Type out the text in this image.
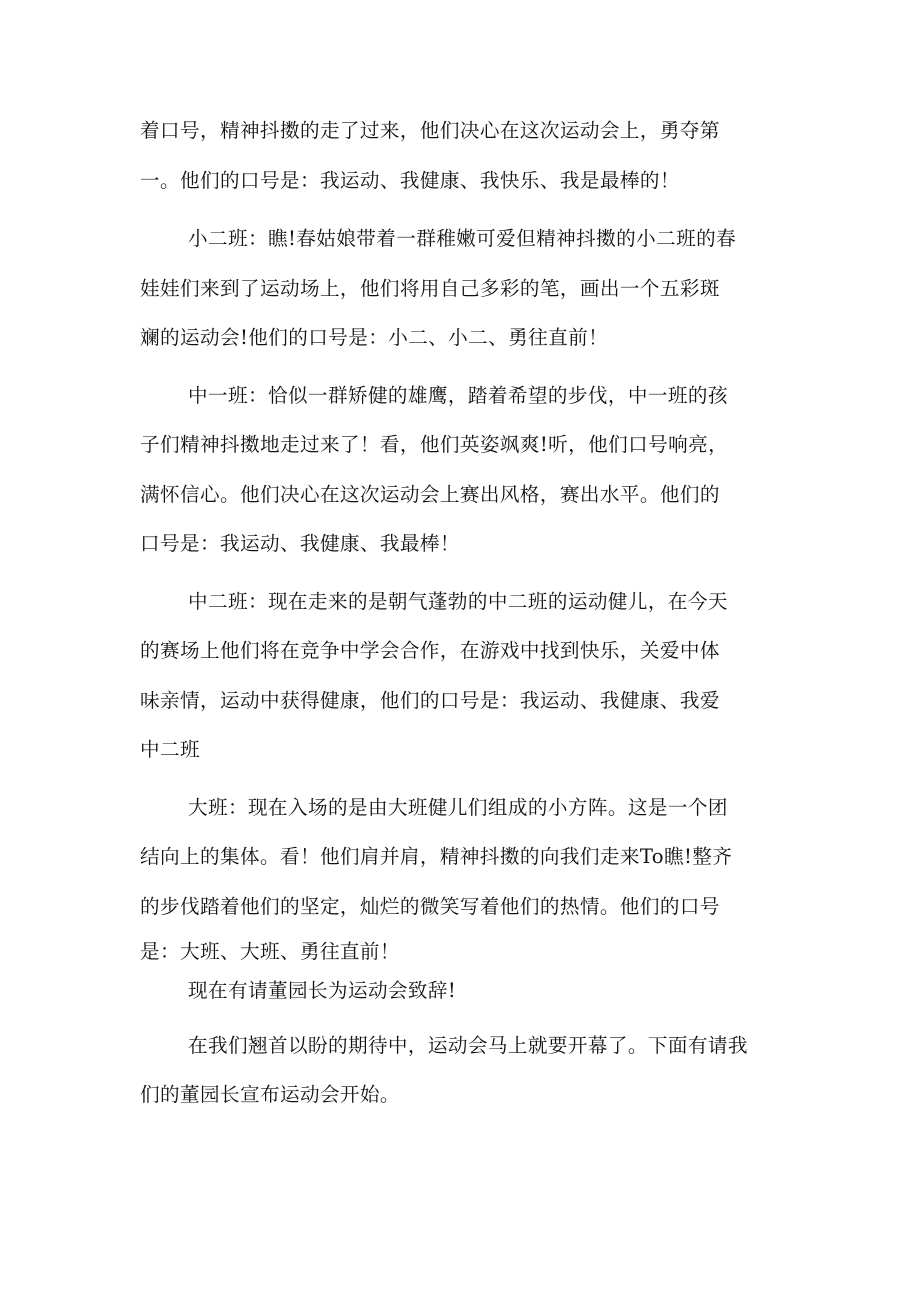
着口号，精神抖擞的走了过来，他们决心在这次运动会上，勇夺第
一。他们的口号是：我运动、我健康、我快乐、我是最棒的！
小二班：瞧!春姑娘带着一群稚嫩可爱但精神抖擞的小二班的春
娃娃们来到了运动场上，他们将用自己多彩的笔，画出一个五彩斑
斓的运动会!他们的口号是：小二、小二、勇往直前！
中一班：恰似一群矫健的雄鹰，踏着希望的步伐，中一班的孩
子们精神抖擞地走过来了！看，他们英姿飒爽!听，他们口号响亮，
满怀信心。他们决心在这次运动会上赛出风格，赛出水平。他们的
口号是：我运动、我健康、我最棒！
中二班：现在走来的是朝气蓬勃的中二班的运动健儿，在今天
的赛场上他们将在竞争中学会合作，在游戏中找到快乐，关爱中体
味亲情，运动中获得健康，他们的口号是：我运动、我健康、我爱
中二班
大班：现在入场的是由大班健儿们组成的小方阵。这是一个团
结向上的集体。看！他们肩并肩，精神抖擞的向我们走来To瞧!整齐
的步伐踏着他们的坚定，灿烂的微笑写着他们的热情。他们的口号
是：大班、大班、勇往直前！
现在有请董园长为运动会致辞!
在我们翘首以盼的期待中，运动会马上就要开幕了。下面有请我
们的董园长宣布运动会开始。
